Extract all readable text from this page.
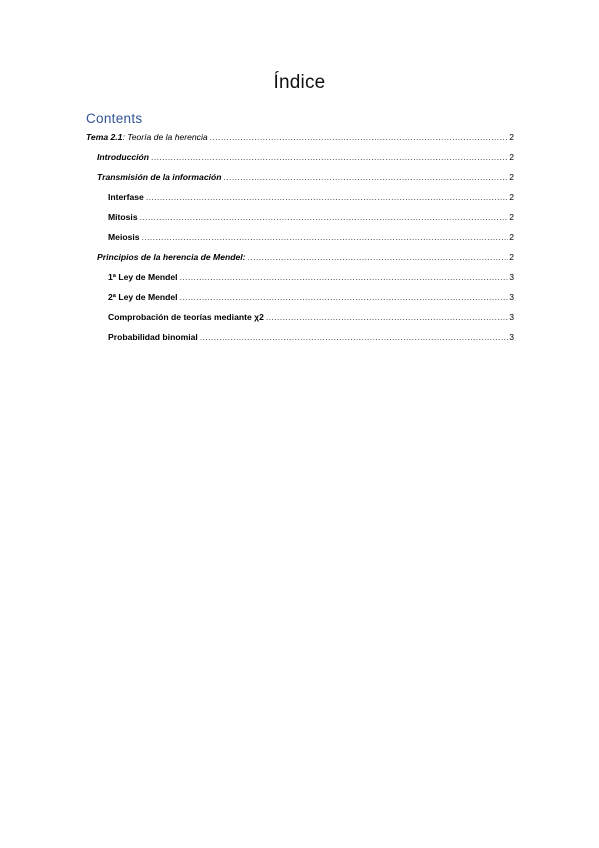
Índice
Contents
Tema 2.1: Teoría de la herencia .....	2
Introducción .....	2
Transmisión de la información .....	2
Interfase .....	2
Mitosis .....	2
Meiosis .....	2
Principios de la herencia de Mendel: .....	2
1ª Ley de Mendel .....	3
2ª Ley de Mendel .....	3
Comprobación de teorías mediante χ2 .....	3
Probabilidad binomial .....	3
